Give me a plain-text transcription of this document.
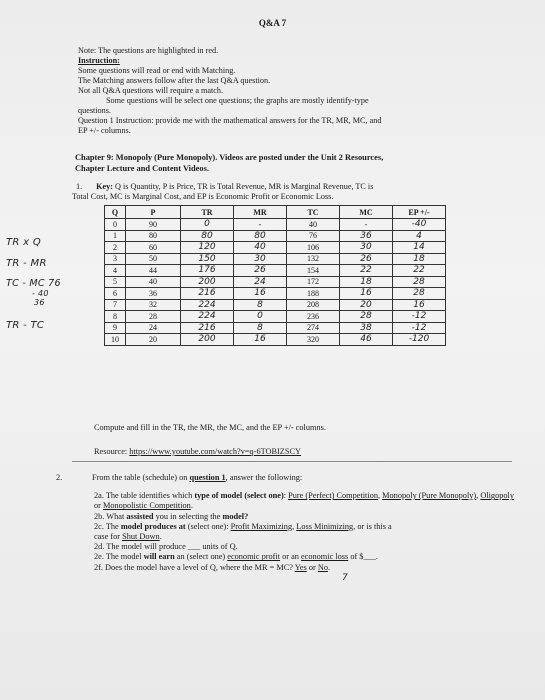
Q&A 7
Note: The questions are highlighted in red.
Instruction:
Some questions will read or end with Matching.
The Matching answers follow after the last Q&A question.
Not all Q&A questions will require a match.
Some questions will be select one questions; the graphs are mostly identify-type
questions.
Question 1 Instruction: provide me with the mathematical answers for the TR, MR, MC, and
EP +/- columns.
Chapter 9: Monopoly (Pure Monopoly). Videos are posted under the Unit 2 Resources,
Chapter Lecture and Content Videos.
1. Key: Q is Quantity, P is Price, TR is Total Revenue, MR is Marginal Revenue, TC is
Total Cost, MC is Marginal Cost, and EP is Economic Profit or Economic Loss.
TR x Q
TR - MR
TC - MC 76
- 40
36
TR - TC
Q	P	TR	MR	TC	MC	EP +/-
0	90	0	-	40	-	-40
1	80	80	80	76	36	4
2	60	120	40	106	30	14
3	50	150	30	132	26	18
4	44	176	26	154	22	22
5	40	200	24	172	18	28
6	36	216	16	188	16	28
7	32	224	8	208	20	16
8	28	224	0	236	28	-12
9	24	216	8	274	38	-12
10	20	200	16	320	46	-120
Compute and fill in the TR, the MR, the MC, and the EP +/- columns.
Resource: https://www.youtube.com/watch?v=q-6TOBIZSCY
2.	From the table (schedule) on question 1, answer the following:

2a. The table identifies which type of model (select one): Pure (Perfect) Competition, Monopoly (Pure Monopoly), Oligopoly or Monopolistic Competition.

2b. What assisted you in selecting the model?

2c. The model produces at (select one): Profit Maximizing, Loss Minimizing, or is this a
case for Shut Down.

2d. The model will produce ___ units of Q.

2e. The model will earn an (select one) economic profit or an economic loss of $___.

2f. Does the model have a level of Q, where the MR = MC? Yes or No.

7
